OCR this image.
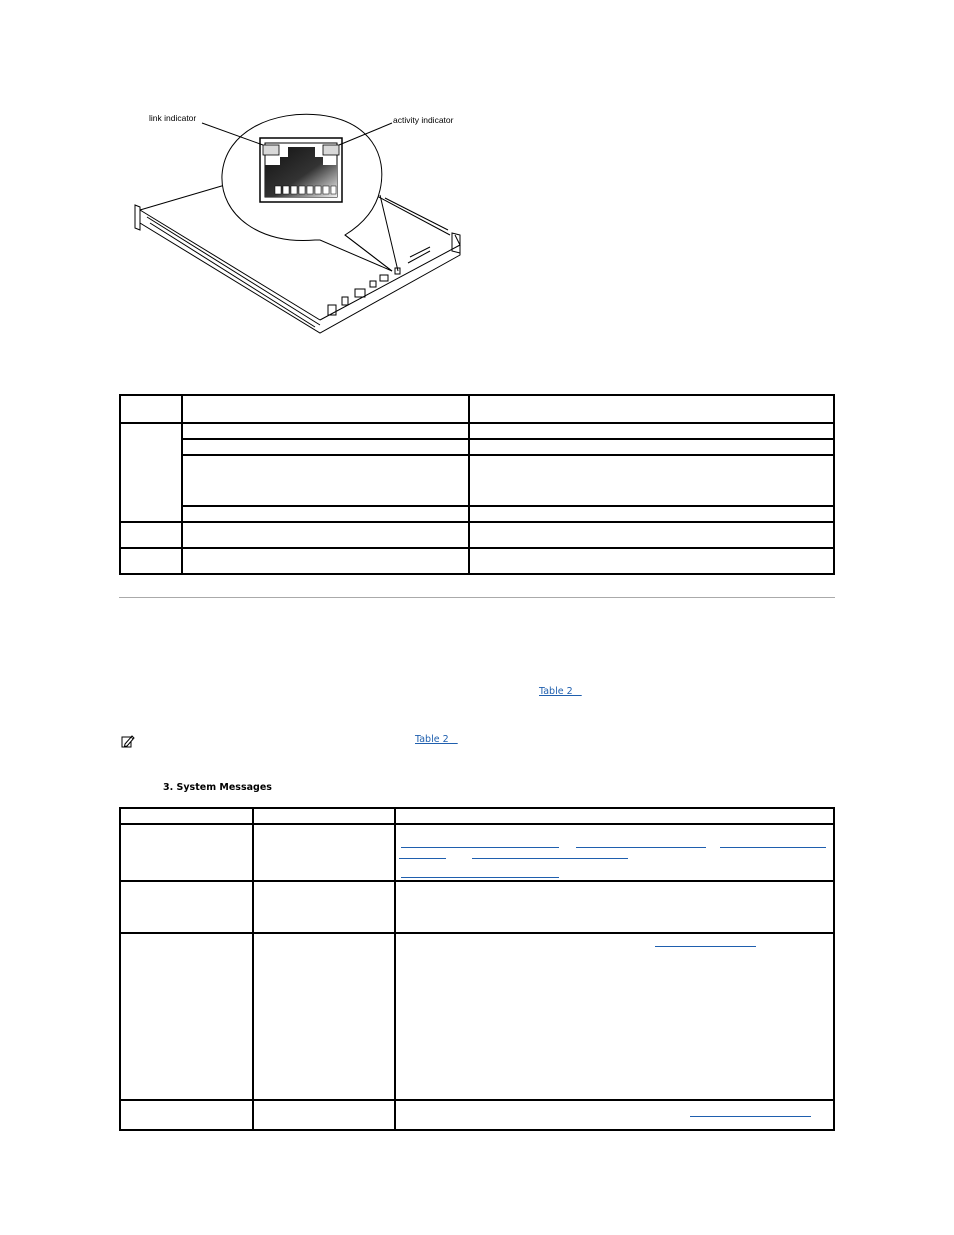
link indicator	activity indicator

Table 2
Table 2
3. System Messages
